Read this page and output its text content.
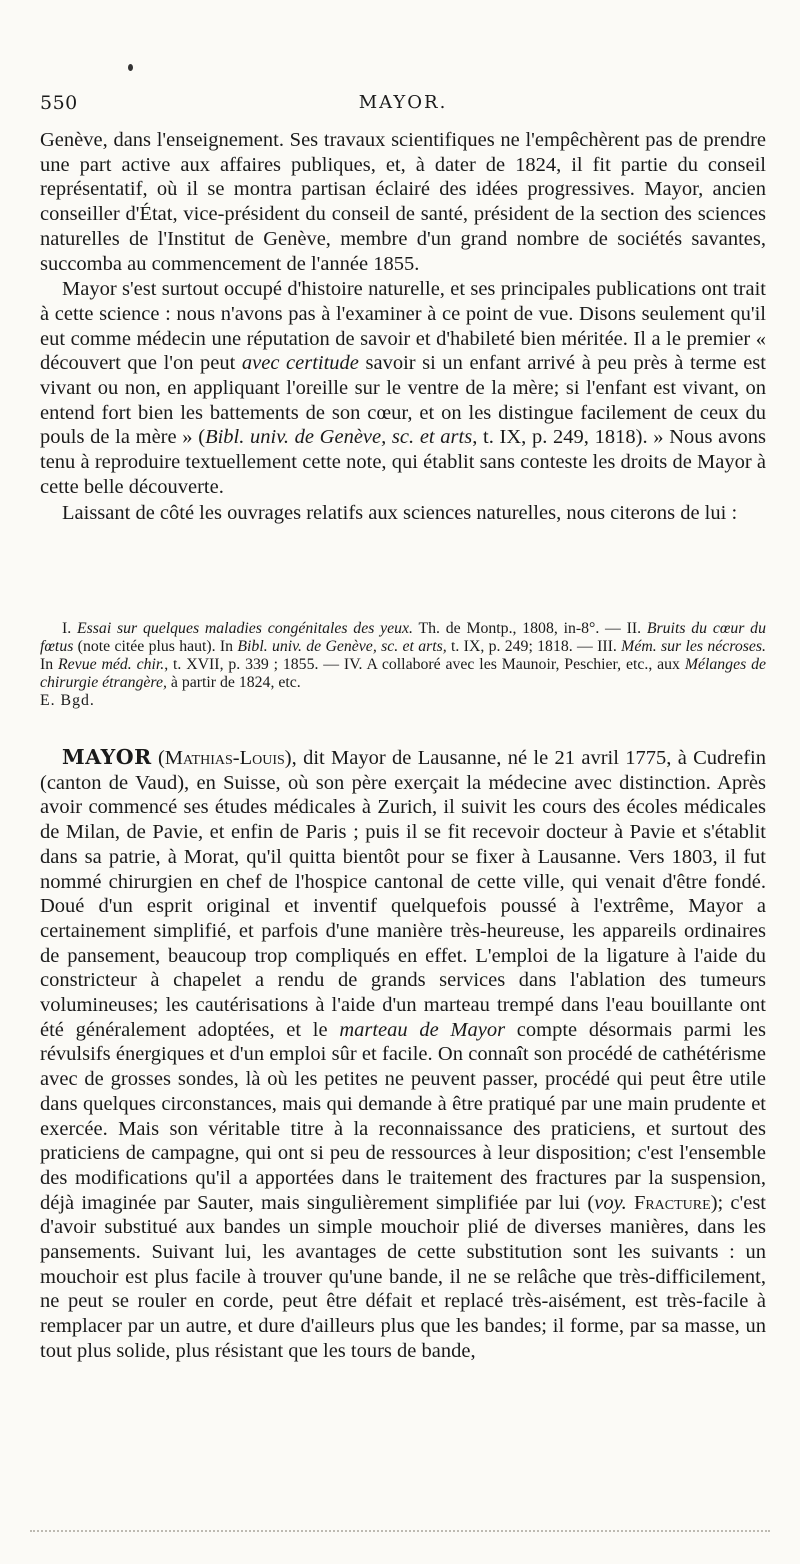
550	MAYOR.

Genève, dans l'enseignement. Ses travaux scientifiques ne l'empêchèrent pas de prendre une part active aux affaires publiques, et, à dater de 1824, il fit partie du conseil représentatif, où il se montra partisan éclairé des idées progressives. Mayor, ancien conseiller d'État, vice-président du conseil de santé, président de la section des sciences naturelles de l'Institut de Genève, membre d'un grand nombre de sociétés savantes, succomba au commencement de l'année 1855.

Mayor s'est surtout occupé d'histoire naturelle, et ses principales publications ont trait à cette science : nous n'avons pas à l'examiner à ce point de vue. Disons seulement qu'il eut comme médecin une réputation de savoir et d'habileté bien méritée. Il a le premier « découvert que l'on peut avec certitude savoir si un enfant arrivé à peu près à terme est vivant ou non, en appliquant l'oreille sur le ventre de la mère; si l'enfant est vivant, on entend fort bien les battements de son cœur, et on les distingue facilement de ceux du pouls de la mère » (Bibl. univ. de Genève, sc. et arts, t. IX, p. 249, 1818). » Nous avons tenu à reproduire textuellement cette note, qui établit sans conteste les droits de Mayor à cette belle découverte.

Laissant de côté les ouvrages relatifs aux sciences naturelles, nous citerons de lui :

I. Essai sur quelques maladies congénitales des yeux. Th. de Montp., 1808, in-8°. — II. Bruits du cœur du fœtus (note citée plus haut). In Bibl. univ. de Genève, sc. et arts, t. IX, p. 249; 1818. — III. Mém. sur les nécroses. In Revue méd. chir., t. XVII, p. 339 ; 1855. — IV. A collaboré avec les Maunoir, Peschier, etc., aux Mélanges de chirurgie étrangère, à partir de 1824, etc.

E. Bgd.

MAYOR (Mathias-Louis), dit Mayor de Lausanne, né le 21 avril 1775, à Cudrefin (canton de Vaud), en Suisse, où son père exerçait la médecine avec distinction. Après avoir commencé ses études médicales à Zurich, il suivit les cours des écoles médicales de Milan, de Pavie, et enfin de Paris ; puis il se fit recevoir docteur à Pavie et s'établit dans sa patrie, à Morat, qu'il quitta bientôt pour se fixer à Lausanne. Vers 1803, il fut nommé chirurgien en chef de l'hospice cantonal de cette ville, qui venait d'être fondé. Doué d'un esprit original et inventif quelquefois poussé à l'extrême, Mayor a certainement simplifié, et parfois d'une manière très-heureuse, les appareils ordinaires de pansement, beaucoup trop compliqués en effet. L'emploi de la ligature à l'aide du constricteur à chapelet a rendu de grands services dans l'ablation des tumeurs volumineuses; les cautérisations à l'aide d'un marteau trempé dans l'eau bouillante ont été généralement adoptées, et le marteau de Mayor compte désormais parmi les révulsifs énergiques et d'un emploi sûr et facile. On connaît son procédé de cathétérisme avec de grosses sondes, là où les petites ne peuvent passer, procédé qui peut être utile dans quelques circonstances, mais qui demande à être pratiqué par une main prudente et exercée. Mais son véritable titre à la reconnaissance des praticiens, et surtout des praticiens de campagne, qui ont si peu de ressources à leur disposition; c'est l'ensemble des modifications qu'il a apportées dans le traitement des fractures par la suspension, déjà imaginée par Sauter, mais singulièrement simplifiée par lui (voy. Fracture); c'est d'avoir substitué aux bandes un simple mouchoir plié de diverses manières, dans les pansements. Suivant lui, les avantages de cette substitution sont les suivants : un mouchoir est plus facile à trouver qu'une bande, il ne se relâche que très-difficilement, ne peut se rouler en corde, peut être défait et replacé très-aisément, est très-facile à remplacer par un autre, et dure d'ailleurs plus que les bandes; il forme, par sa masse, un tout plus solide, plus résistant que les tours de bande,
